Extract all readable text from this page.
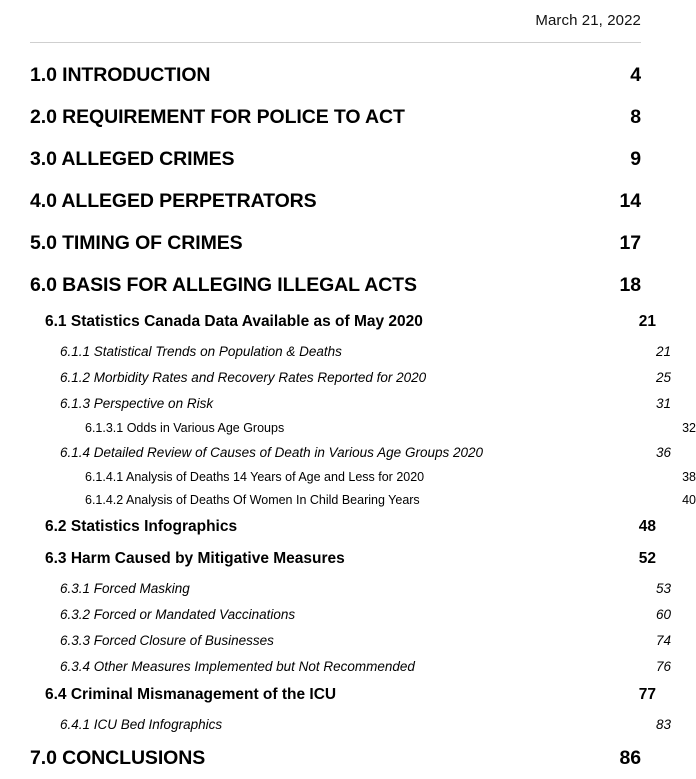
March 21, 2022
1.0 INTRODUCTION	4
2.0 REQUIREMENT FOR POLICE TO ACT	8
3.0 ALLEGED CRIMES	9
4.0 ALLEGED PERPETRATORS	14
5.0 TIMING OF CRIMES	17
6.0 BASIS FOR ALLEGING ILLEGAL ACTS	18
6.1 Statistics Canada Data Available as of May 2020	21
6.1.1 Statistical Trends on Population & Deaths	21
6.1.2 Morbidity Rates and Recovery Rates Reported for 2020	25
6.1.3 Perspective on Risk	31
6.1.3.1 Odds in Various Age Groups	32
6.1.4 Detailed Review of Causes of Death in Various Age Groups 2020	36
6.1.4.1 Analysis of Deaths 14 Years of Age and Less for 2020	38
6.1.4.2 Analysis of Deaths Of Women In Child Bearing Years	40
6.2 Statistics Infographics	48
6.3 Harm Caused by Mitigative Measures	52
6.3.1 Forced Masking	53
6.3.2 Forced or Mandated Vaccinations	60
6.3.3 Forced Closure of Businesses	74
6.3.4 Other Measures Implemented but Not Recommended	76
6.4 Criminal Mismanagement of the ICU	77
6.4.1 ICU Bed Infographics	83
7.0 CONCLUSIONS	86
